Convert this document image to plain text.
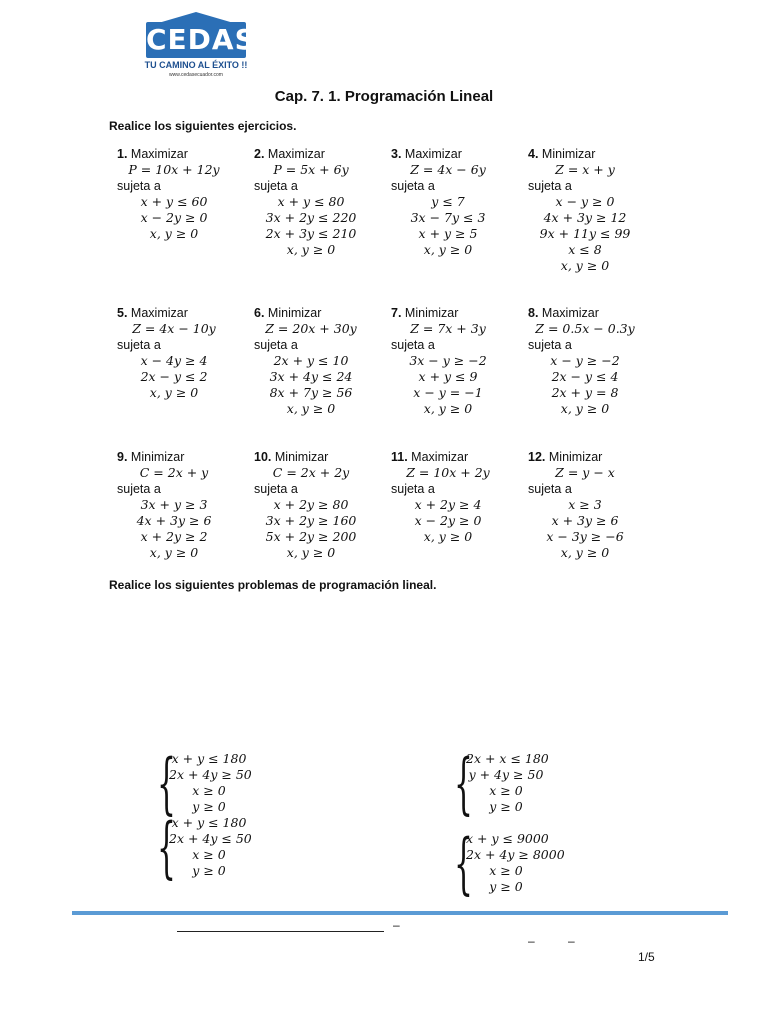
CEDAS
TU CAMINO AL ÉXITO !!
www.cedasecuador.com
Cap. 7. 1. Programación Lineal
Realice los siguientes ejercicios.
1. Maximizar
P = 10x + 12y
sujeta a
x + y ≤ 60
x − 2y ≥ 0
x, y ≥ 0
2. Maximizar
P = 5x + 6y
sujeta a
x + y ≤ 80
3x + 2y ≤ 220
2x + 3y ≤ 210
x, y ≥ 0
3. Maximizar
Z = 4x − 6y
sujeta a
y ≤ 7
3x − 7y ≤ 3
x + y ≥ 5
x, y ≥ 0
4. Minimizar
Z = x + y
sujeta a
x − y ≥ 0
4x + 3y ≥ 12
9x + 11y ≤ 99
x ≤ 8
x, y ≥ 0
5. Maximizar
Z = 4x − 10y
sujeta a
x − 4y ≥ 4
2x − y ≤ 2
x, y ≥ 0
6. Minimizar
Z = 20x + 30y
sujeta a
2x + y ≤ 10
3x + 4y ≤ 24
8x + 7y ≥ 56
x, y ≥ 0
7. Minimizar
Z = 7x + 3y
sujeta a
3x − y ≥ −2
x + y ≤ 9
x − y = −1
x, y ≥ 0
8. Maximizar
Z = 0.5x − 0.3y
sujeta a
x − y ≥ −2
2x − y ≤ 4
2x + y = 8
x, y ≥ 0
9. Minimizar
C = 2x + y
sujeta a
3x + y ≥ 3
4x + 3y ≥ 6
x + 2y ≥ 2
x, y ≥ 0
10. Minimizar
C = 2x + 2y
sujeta a
x + 2y ≥ 80
3x + 2y ≥ 160
5x + 2y ≥ 200
x, y ≥ 0
11. Maximizar
Z = 10x + 2y
sujeta a
x + 2y ≥ 4
x − 2y ≥ 0
x, y ≥ 0
12. Minimizar
Z = y − x
sujeta a
x ≥ 3
x + 3y ≥ 6
x − 3y ≥ −6
x, y ≥ 0
Realice los siguientes problemas de programación lineal.
{
x + y ≤ 180
2x + 4y ≥ 50
x ≥ 0
y ≥ 0	{
2x + x ≤ 180
y + 4y ≥ 50
x ≥ 0
y ≥ 0
{
x + y ≤ 180
2x + 4y ≤ 50
x ≥ 0
y ≥ 0	{
x + y ≤ 9000
2x + 4y ≥ 8000
x ≥ 0
y ≥ 0
–
–	–
1/5
